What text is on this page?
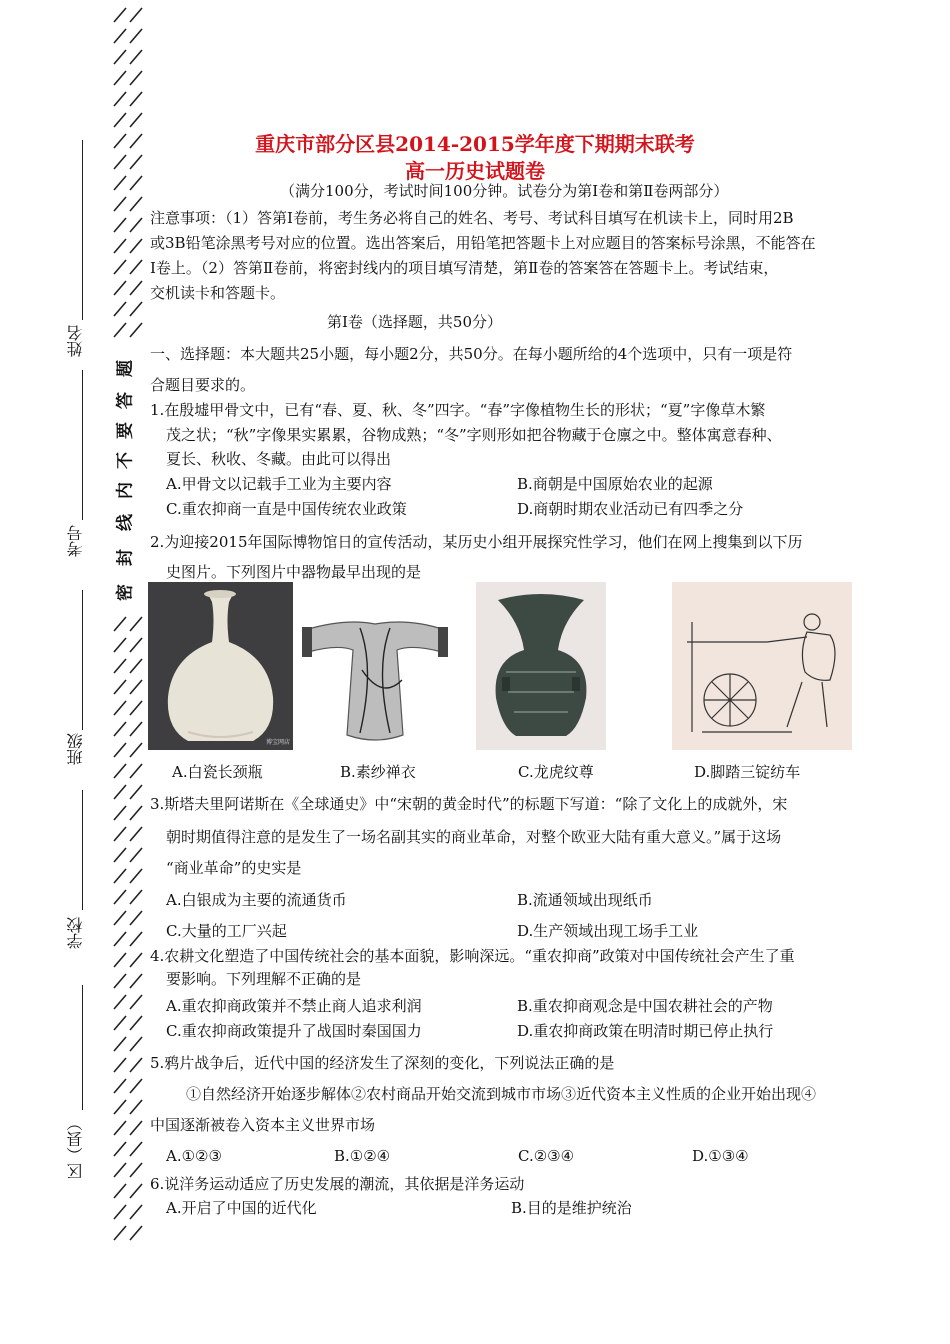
姓名
考号
班级
学校
区（县）
密
封
线
内
不
要
答
题
重庆市部分区县2014-2015学年度下期期末联考
高一历史试题卷
（满分100分，考试时间100分钟。试卷分为第Ⅰ卷和第Ⅱ卷两部分）
注意事项：（1）答第Ⅰ卷前，考生务必将自己的姓名、考号、考试科目填写在机读卡上，同时用2B
或3B铅笔涂黑考号对应的位置。选出答案后，用铅笔把答题卡上对应题目的答案标号涂黑，不能答在
Ⅰ卷上。（2）答第Ⅱ卷前，将密封线内的项目填写清楚，第Ⅱ卷的答案答在答题卡上。考试结束，
交机读卡和答题卡。
第Ⅰ卷（选择题，共50分）
一、选择题：本大题共25小题，每小题2分，共50分。在每小题所给的4个选项中，只有一项是符
合题目要求的。
1.在殷墟甲骨文中，已有“春、夏、秋、冬”四字。“春”字像植物生长的形状；“夏”字像草木繁
茂之状；“秋”字像果实累累，谷物成熟；“冬”字则形如把谷物藏于仓廪之中。整体寓意春种、
夏长、秋收、冬藏。由此可以得出
A.甲骨文以记载手工业为主要内容	B.商朝是中国原始农业的起源
C.重农抑商一直是中国传统农业政策	D.商朝时期农业活动已有四季之分
2.为迎接2015年国际博物馆日的宣传活动，某历史小组开展探究性学习，他们在网上搜集到以下历
史图片。下列图片中器物最早出现的是
博宝网店
A.白瓷长颈瓶	B.素纱禅衣	C.龙虎纹尊	D.脚踏三锭纺车
3.斯塔夫里阿诺斯在《全球通史》中“宋朝的黄金时代”的标题下写道：“除了文化上的成就外，宋
朝时期值得注意的是发生了一场名副其实的商业革命，对整个欧亚大陆有重大意义。”属于这场
“商业革命”的史实是
A.白银成为主要的流通货币	B.流通领域出现纸币
C.大量的工厂兴起	D.生产领域出现工场手工业
4.农耕文化塑造了中国传统社会的基本面貌，影响深远。“重农抑商”政策对中国传统社会产生了重
要影响。下列理解不正确的是
A.重农抑商政策并不禁止商人追求利润	B.重农抑商观念是中国农耕社会的产物
C.重农抑商政策提升了战国时秦国国力	D.重农抑商政策在明清时期已停止执行
5.鸦片战争后，近代中国的经济发生了深刻的变化，下列说法正确的是
①自然经济开始逐步解体②农村商品开始交流到城市市场③近代资本主义性质的企业开始出现④
中国逐渐被卷入资本主义世界市场
A.①②③	B.①②④	C.②③④	D.①③④
6.说洋务运动适应了历史发展的潮流，其依据是洋务运动
A.开启了中国的近代化	B.目的是维护统治
